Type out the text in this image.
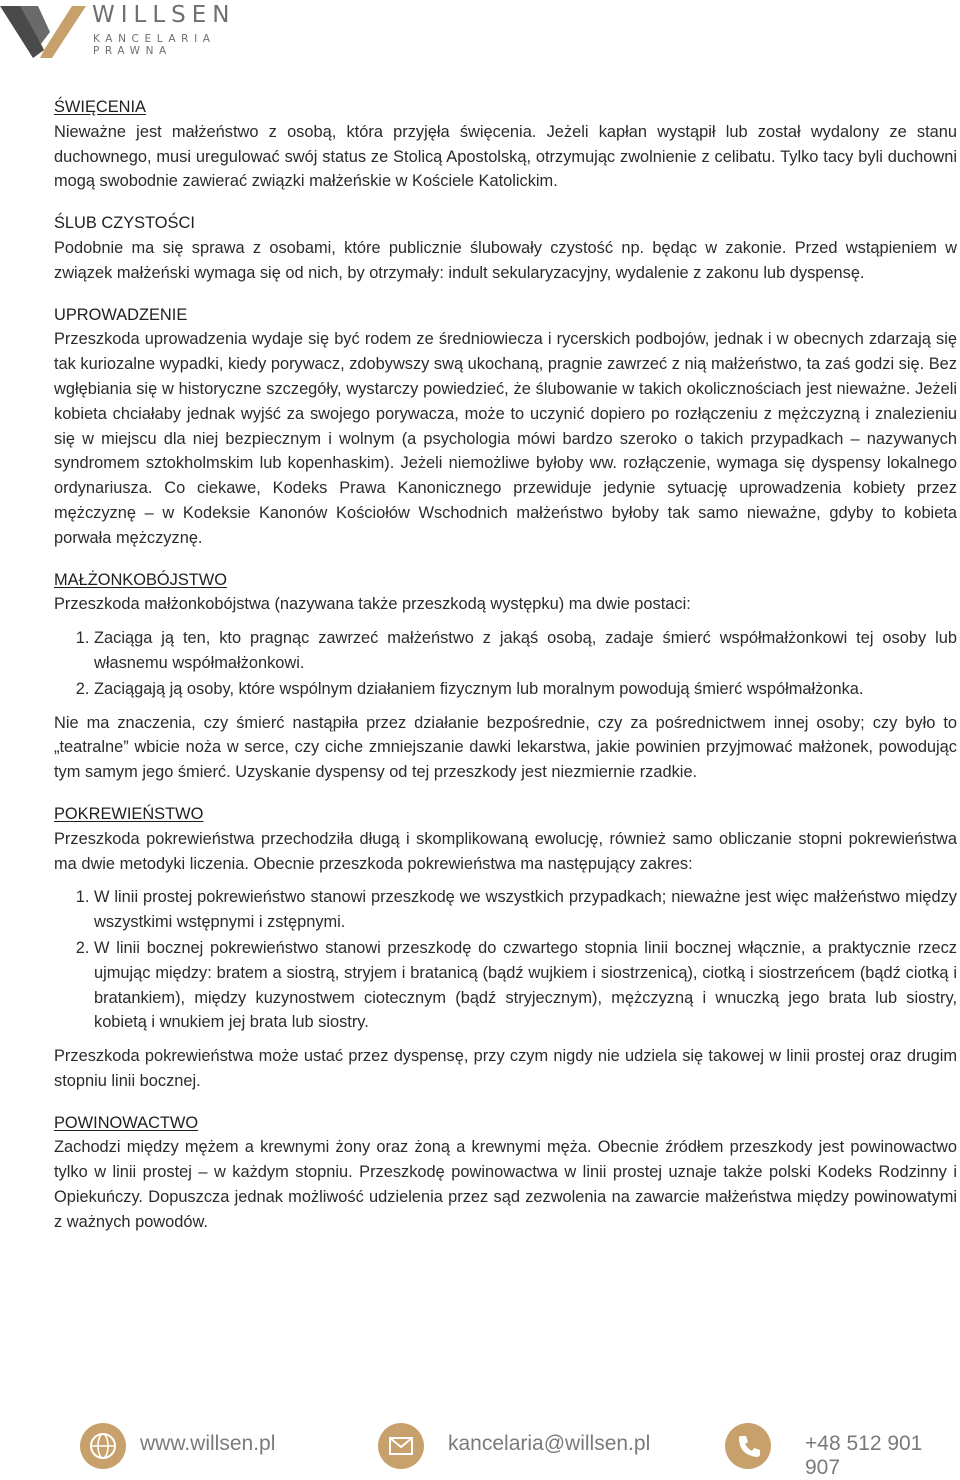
WILLSEN
KANCELARIA
PRAWNA
ŚWIĘCENIA

Nieważne jest małżeństwo z osobą, która przyjęła święcenia. Jeżeli kapłan wystąpił lub został wydalony ze stanu duchownego, musi uregulować swój status ze Stolicą Apostolską, otrzymując zwolnienie z celibatu. Tylko tacy byli duchowni mogą swobodnie zawierać związki małżeńskie w Kościele Katolickim.

ŚLUB CZYSTOŚCI

Podobnie ma się sprawa z osobami, które publicznie ślubowały czystość np. będąc w zakonie. Przed wstąpieniem w związek małżeński wymaga się od nich, by otrzymały: indult sekularyzacyjny, wydalenie z zakonu lub dyspensę.

UPROWADZENIE

Przeszkoda uprowadzenia wydaje się być rodem ze średniowiecza i rycerskich podbojów, jednak i w obecnych zdarzają się tak kuriozalne wypadki, kiedy porywacz, zdobywszy swą ukochaną, pragnie zawrzeć z nią małżeństwo, ta zaś godzi się. Bez wgłębiania się w historyczne szczegóły, wystarczy powiedzieć, że ślubowanie w takich okolicznościach jest nieważne. Jeżeli kobieta chciałaby jednak wyjść za swojego porywacza, może to uczynić dopiero po rozłączeniu z mężczyzną i znalezieniu się w miejscu dla niej bezpiecznym i wolnym (a psychologia mówi bardzo szeroko o takich przypadkach – nazywanych syndromem sztokholmskim lub kopenhaskim). Jeżeli niemożliwe byłoby ww. rozłączenie, wymaga się dyspensy lokalnego ordynariusza. Co ciekawe, Kodeks Prawa Kanonicznego przewiduje jedynie sytuację uprowadzenia kobiety przez mężczyznę – w Kodeksie Kanonów Kościołów Wschodnich małżeństwo byłoby tak samo nieważne, gdyby to kobieta porwała mężczyznę.

MAŁŻONKOBÓJSTWO

Przeszkoda małżonkobójstwa (nazywana także przeszkodą występku) ma dwie postaci:

1. Zaciąga ją ten, kto pragnąc zawrzeć małżeństwo z jakąś osobą, zadaje śmierć współmałżonkowi tej osoby lub własnemu współmałżonkowi.
2. Zaciągają ją osoby, które wspólnym działaniem fizycznym lub moralnym powodują śmierć współmałżonka.

Nie ma znaczenia, czy śmierć nastąpiła przez działanie bezpośrednie, czy za pośrednictwem innej osoby; czy było to „teatralne” wbicie noża w serce, czy ciche zmniejszanie dawki lekarstwa, jakie powinien przyjmować małżonek, powodując tym samym jego śmierć. Uzyskanie dyspensy od tej przeszkody jest niezmiernie rzadkie.

POKREWIEŃSTWO

Przeszkoda pokrewieństwa przechodziła długą i skomplikowaną ewolucję, również samo obliczanie stopni pokrewieństwa ma dwie metodyki liczenia. Obecnie przeszkoda pokrewieństwa ma następujący zakres:

1. W linii prostej pokrewieństwo stanowi przeszkodę we wszystkich przypadkach; nieważne jest więc małżeństwo między wszystkimi wstępnymi i zstępnymi.
2. W linii bocznej pokrewieństwo stanowi przeszkodę do czwartego stopnia linii bocznej włącznie, a praktycznie rzecz ujmując między: bratem a siostrą, stryjem i bratanicą (bądź wujkiem i siostrzenicą), ciotką i siostrzeńcem (bądź ciotką i bratankiem), między kuzynostwem ciotecznym (bądź stryjecznym), mężczyzną i wnuczką jego brata lub siostry, kobietą i wnukiem jej brata lub siostry.

Przeszkoda pokrewieństwa może ustać przez dyspensę, przy czym nigdy nie udziela się takowej w linii prostej oraz drugim stopniu linii bocznej.

POWINOWACTWO

Zachodzi między mężem a krewnymi żony oraz żoną a krewnymi męża. Obecnie źródłem przeszkody jest powinowactwo tylko w linii prostej – w każdym stopniu. Przeszkodę powinowactwa w linii prostej uznaje także polski Kodeks Rodzinny i Opiekuńczy. Dopuszcza jednak możliwość udzielenia przez sąd zezwolenia na zawarcie małżeństwa między powinowatymi z ważnych powodów.

www.willsen.pl	kancelaria@willsen.pl	+48 512 901 907
